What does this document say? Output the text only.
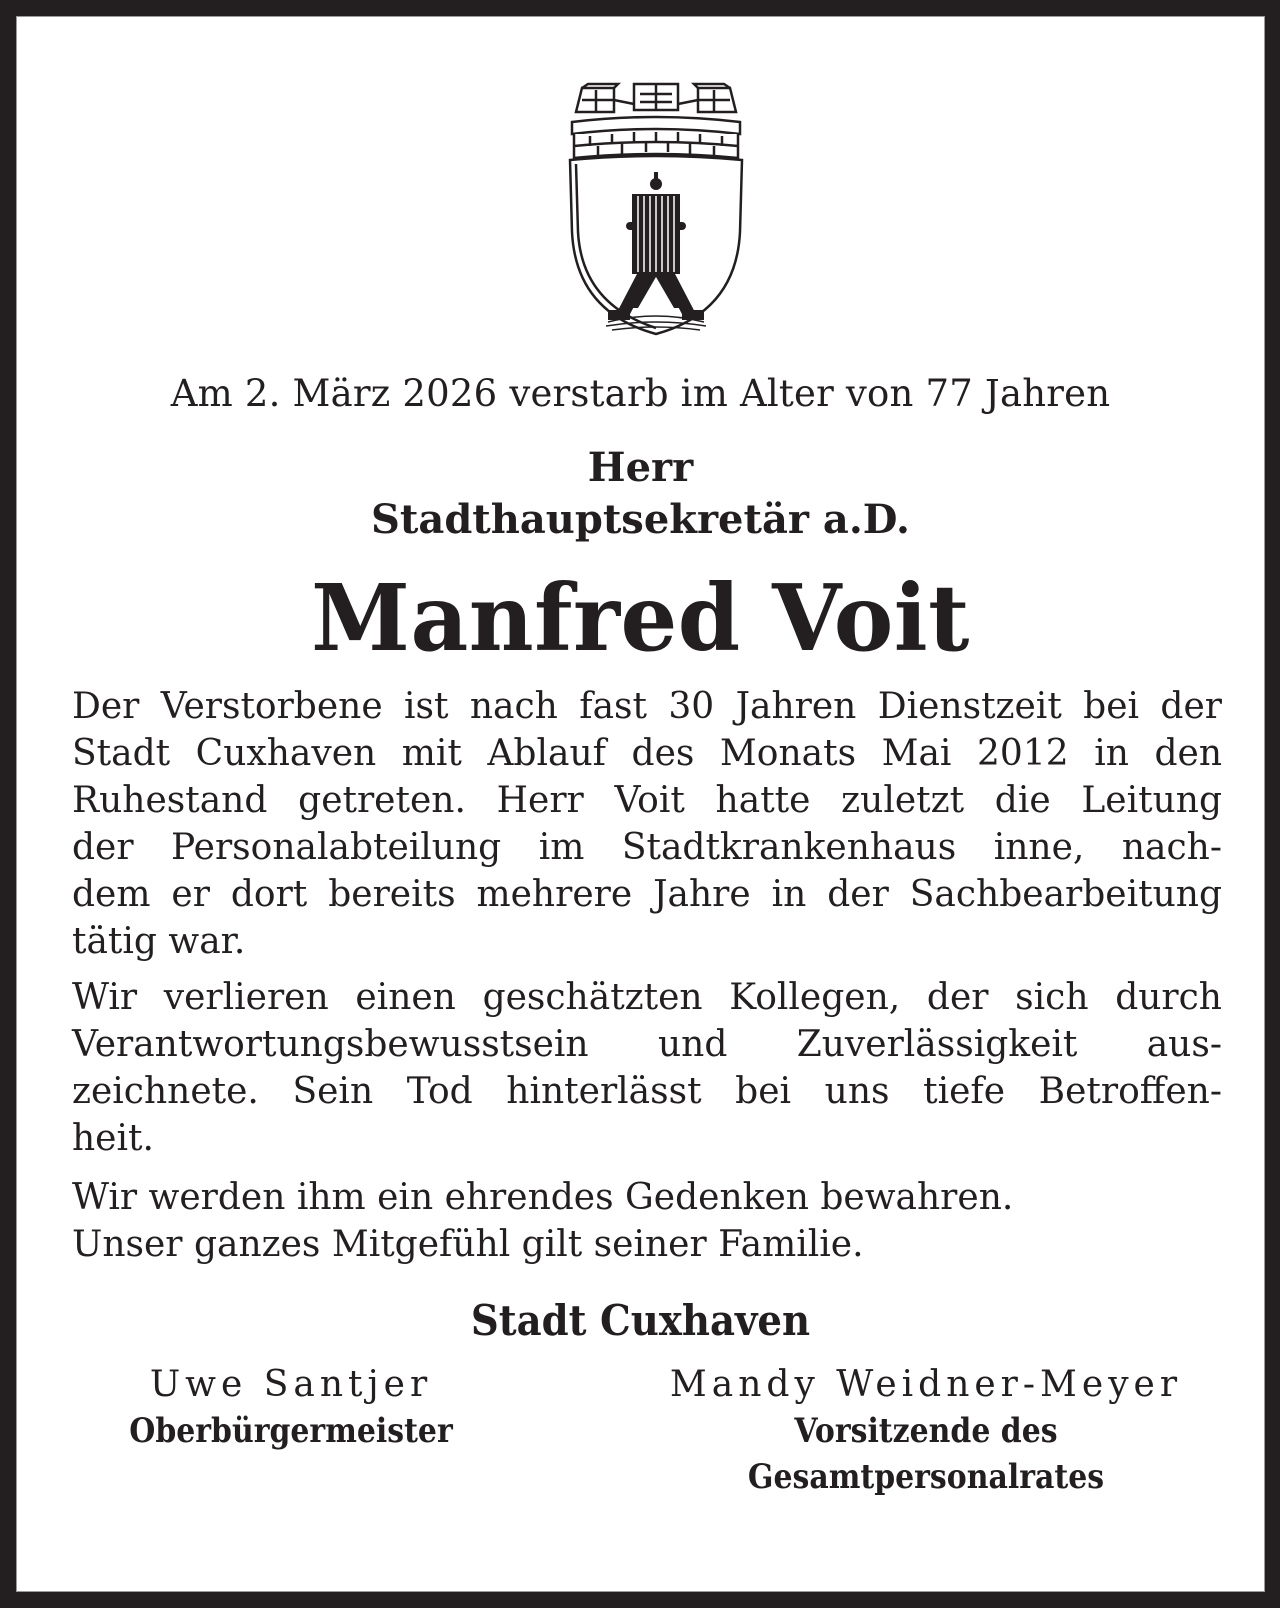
Am 2. März 2026 verstarb im Alter von 77 Jahren
Herr
Stadthauptsekretär a.D.
Manfred Voit

Der Verstorbene ist nach fast 30 Jahren Dienstzeit bei der
Stadt Cuxhaven mit Ablauf des Monats Mai 2012 in den
Ruhestand getreten. Herr Voit hatte zuletzt die Leitung
der Personalabteilung im Stadtkrankenhaus inne, nach-
dem er dort bereits mehrere Jahre in der Sachbearbeitung
tätig war.

Wir verlieren einen geschätzten Kollegen, der sich durch
Verantwortungsbewusstsein und Zuverlässigkeit aus-
zeichnete. Sein Tod hinterlässt bei uns tiefe Betroffen-
heit.

Wir werden ihm ein ehrendes Gedenken bewahren.
Unser ganzes Mitgefühl gilt seiner Familie.

Stadt Cuxhaven
Uwe Santjer
Oberbürgermeister
Mandy Weidner-Meyer
Vorsitzende des
Gesamtpersonalrates
